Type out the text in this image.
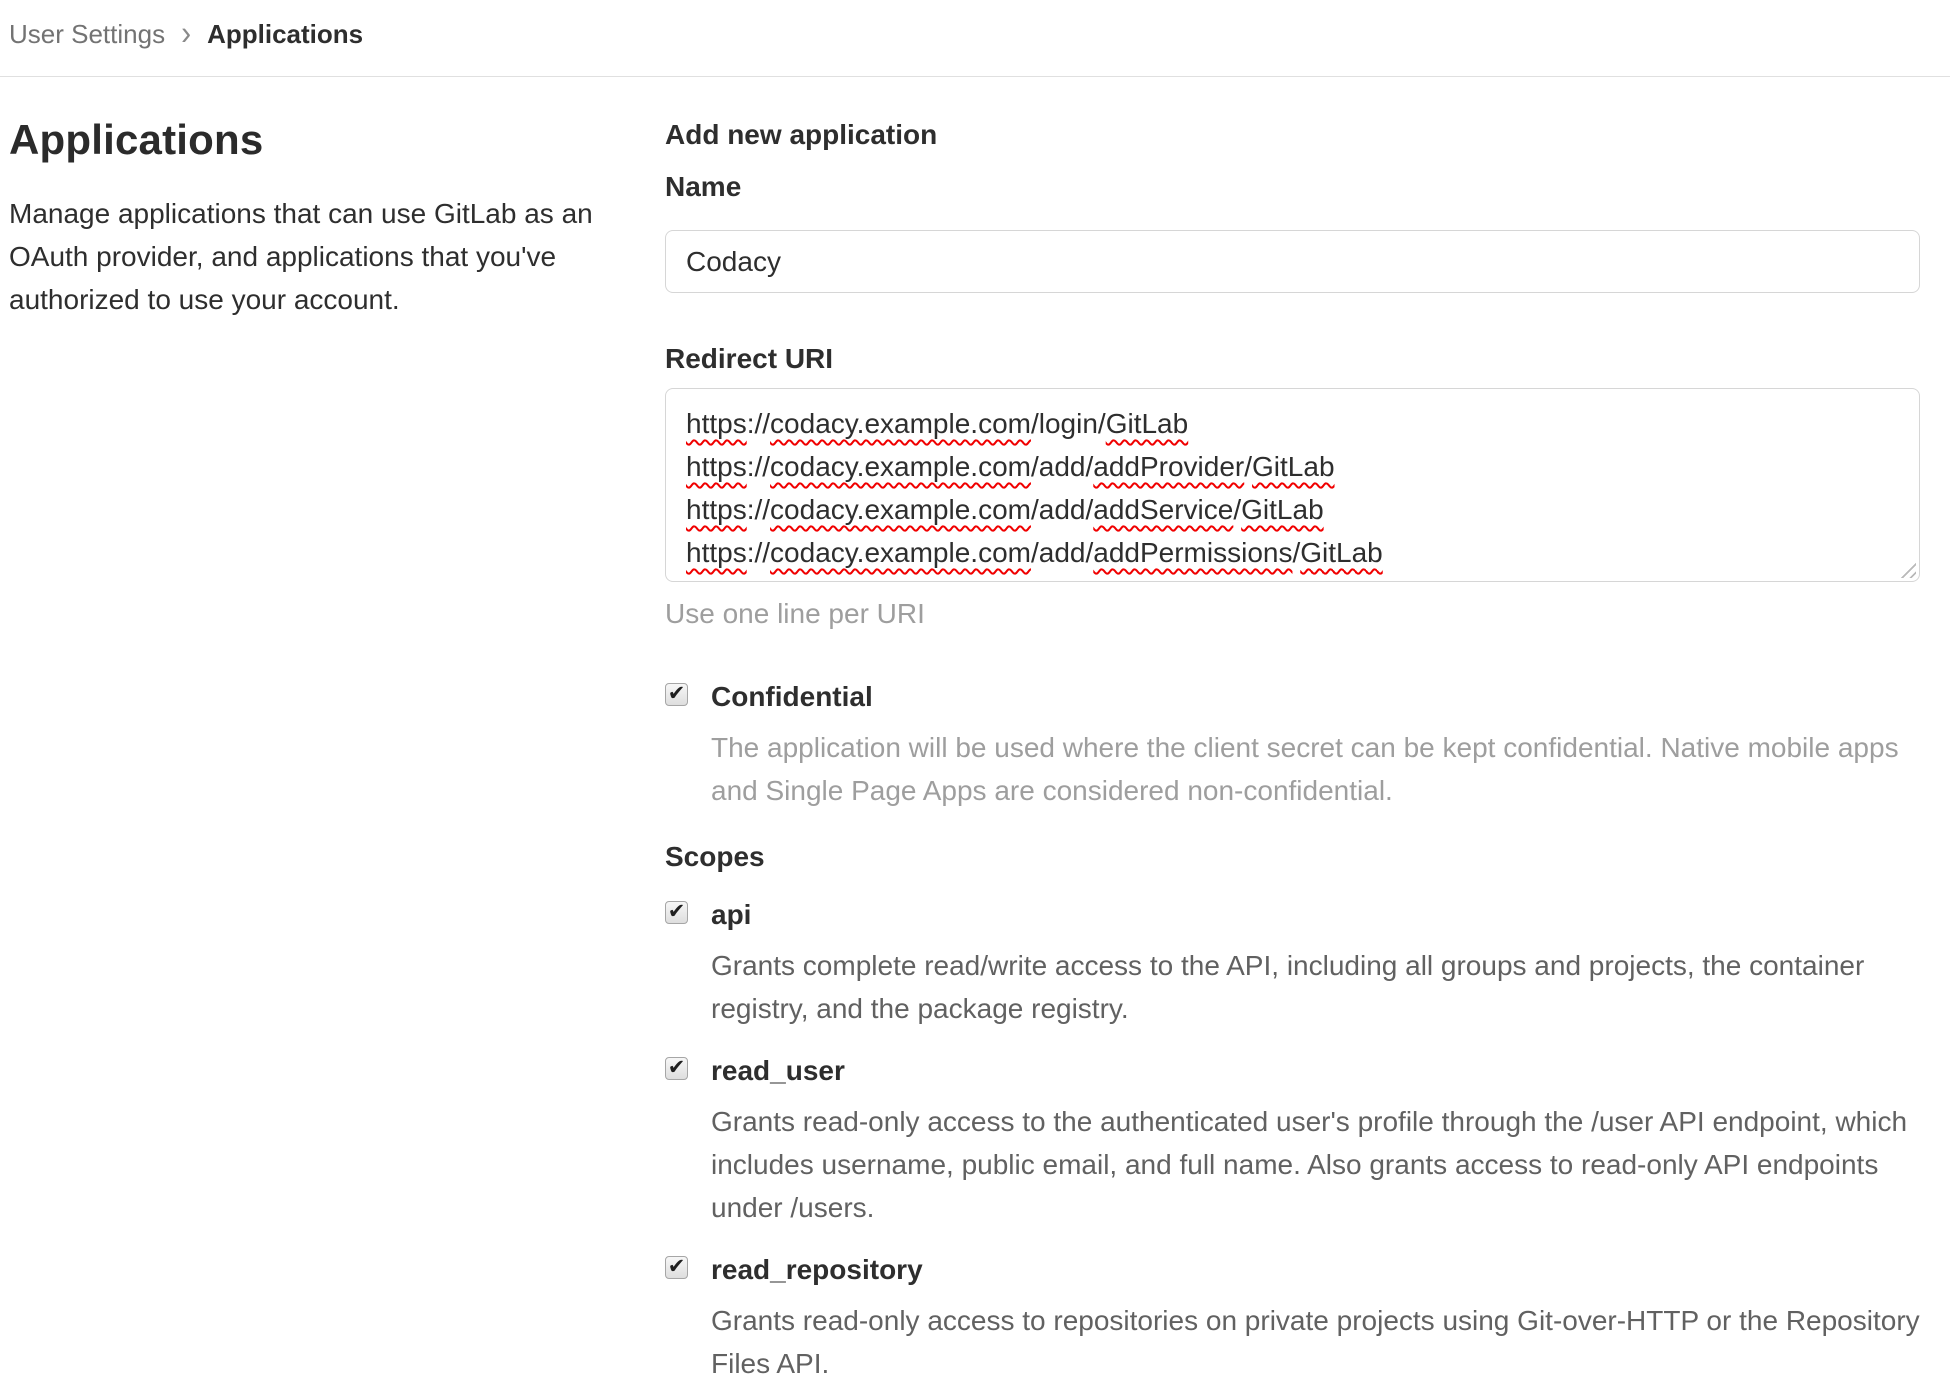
User Settings › Applications
Applications
Manage applications that can use GitLab as an
OAuth provider, and applications that you've
authorized to use your account.
Add new application
Name
Codacy
Redirect URI
https://codacy.example.com/login/GitLab
https://codacy.example.com/add/addProvider/GitLab
https://codacy.example.com/add/addService/GitLab
https://codacy.example.com/add/addPermissions/GitLab
Use one line per URI
✔ Confidential
The application will be used where the client secret can be kept confidential. Native mobile apps
and Single Page Apps are considered non-confidential.
Scopes
✔ api
Grants complete read/write access to the API, including all groups and projects, the container
registry, and the package registry.
✔ read_user
Grants read-only access to the authenticated user's profile through the /user API endpoint, which
includes username, public email, and full name. Also grants access to read-only API endpoints
under /users.
✔ read_repository
Grants read-only access to repositories on private projects using Git-over-HTTP or the Repository
Files API.
